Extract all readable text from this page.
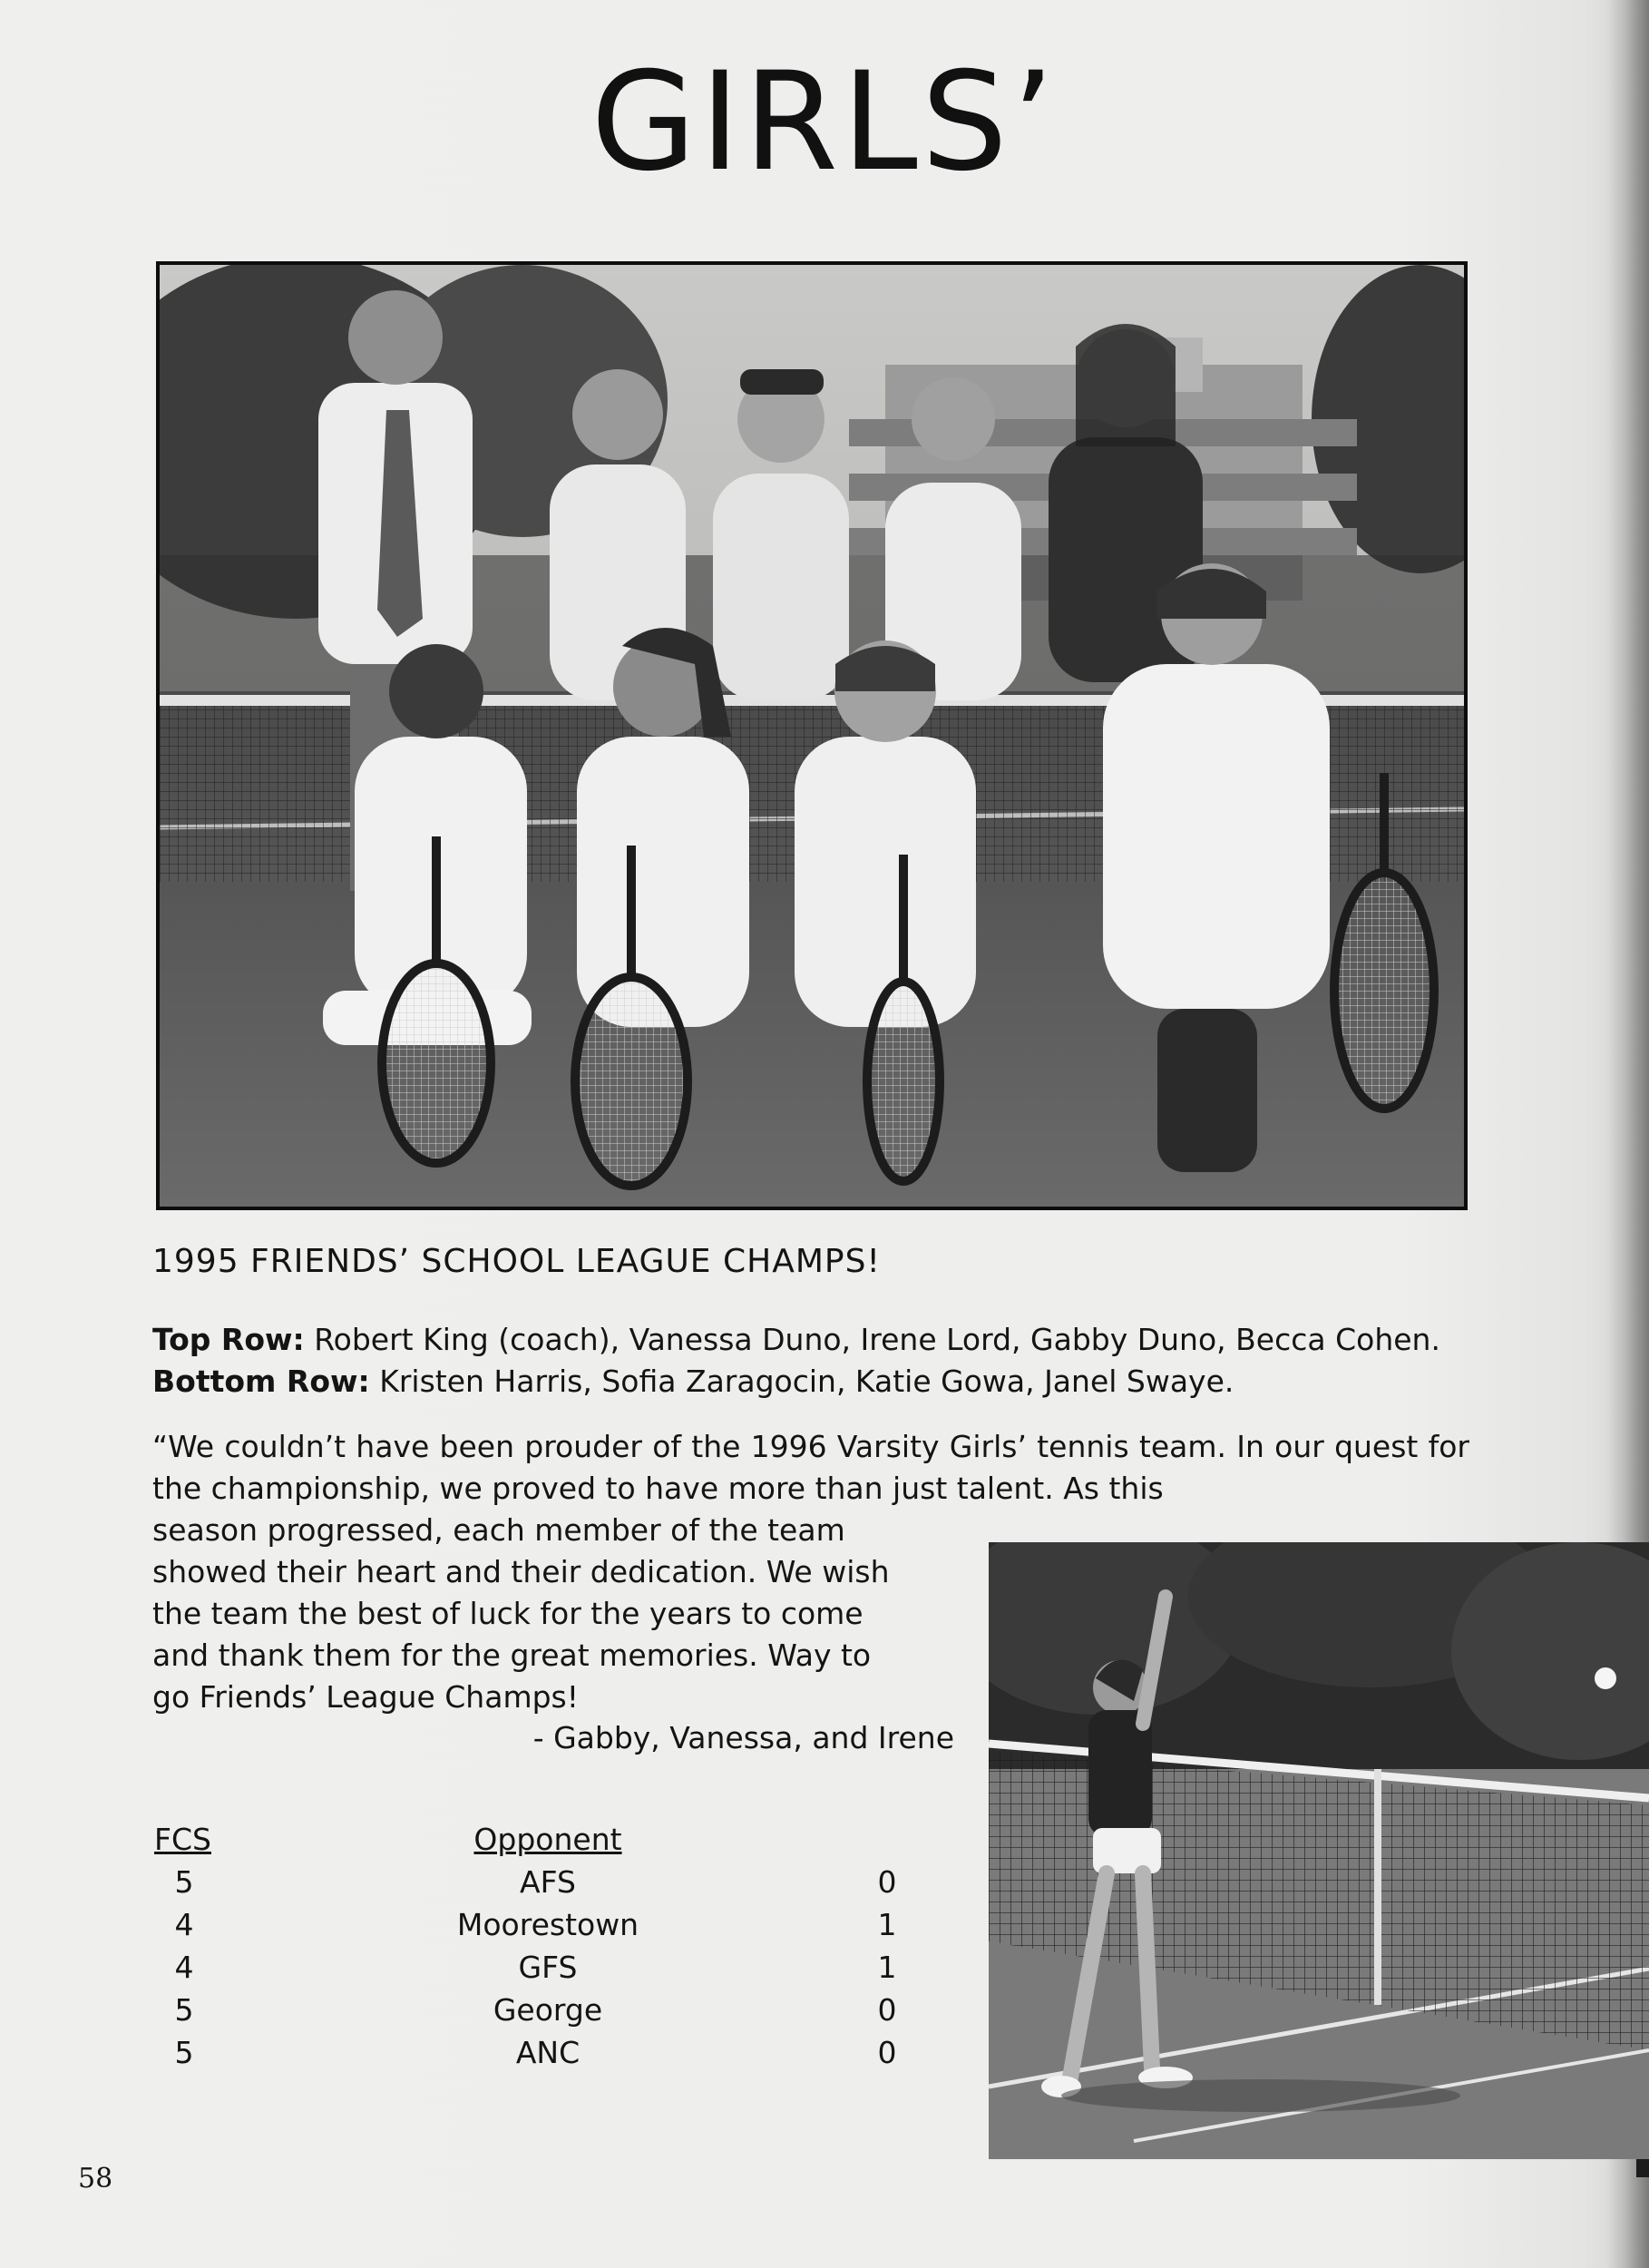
GIRLS’
1995 FRIENDS’ SCHOOL LEAGUE CHAMPS!
Top Row: Robert King (coach), Vanessa Duno, Irene Lord, Gabby Duno, Becca Cohen. Bottom Row: Kristen Harris, Sofia Zaragocin, Katie Gowa, Janel Swaye.
“We couldn’t have been prouder of the 1996 Varsity Girls’ tennis team. In our quest for the championship, we proved to have more than just talent. As this
season progressed, each member of the team
showed their heart and their dedication. We wish
the team the best of luck for the years to come
and thank them for the great memories. Way to
go Friends’ League Champs!
- Gabby, Vanessa, and Irene
FCS	Opponent
5	AFS	0
4	Moorestown	1
4	GFS	1
5	George	0
5	ANC	0
58
